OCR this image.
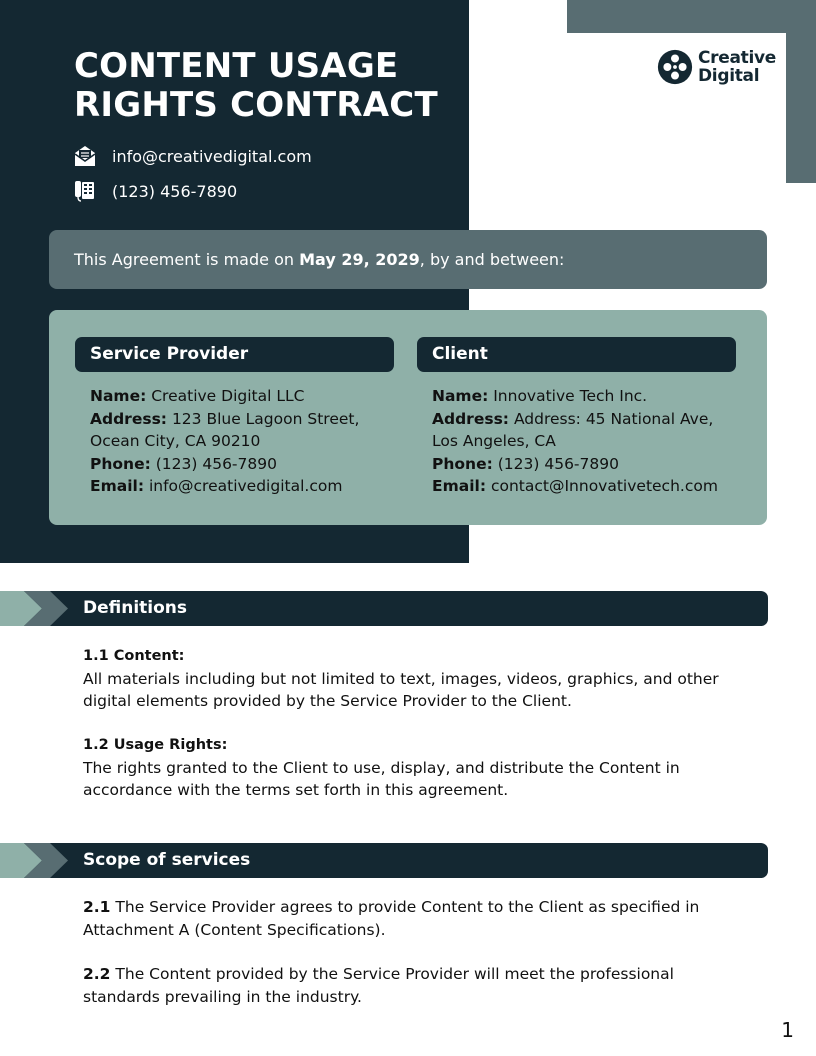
CONTENT USAGE
RIGHTS CONTRACT
Creative
Digital
info@creativedigital.com
(123) 456-7890
This Agreement is made on May 29, 2029, by and between:
Service Provider

Name: Creative Digital LLC

Address: 123 Blue Lagoon Street, Ocean City, CA 90210

Phone: (123) 456-7890

Email: info@creativedigital.com

Client

Name: Innovative Tech Inc.

Address: Address: 45 National Ave, Los Angeles, CA

Phone: (123) 456-7890

Email: contact@Innovativetech.com

Definitions

1.1 Content:

All materials including but not limited to text, images, videos, graphics, and other digital elements provided by the Service Provider to the Client.

1.2 Usage Rights:

The rights granted to the Client to use, display, and distribute the Content in accordance with the terms set forth in this agreement.

Scope of services

2.1 The Service Provider agrees to provide Content to the Client as specified in Attachment A (Content Specifications).

2.2 The Content provided by the Service Provider will meet the professional standards prevailing in the industry.

1
